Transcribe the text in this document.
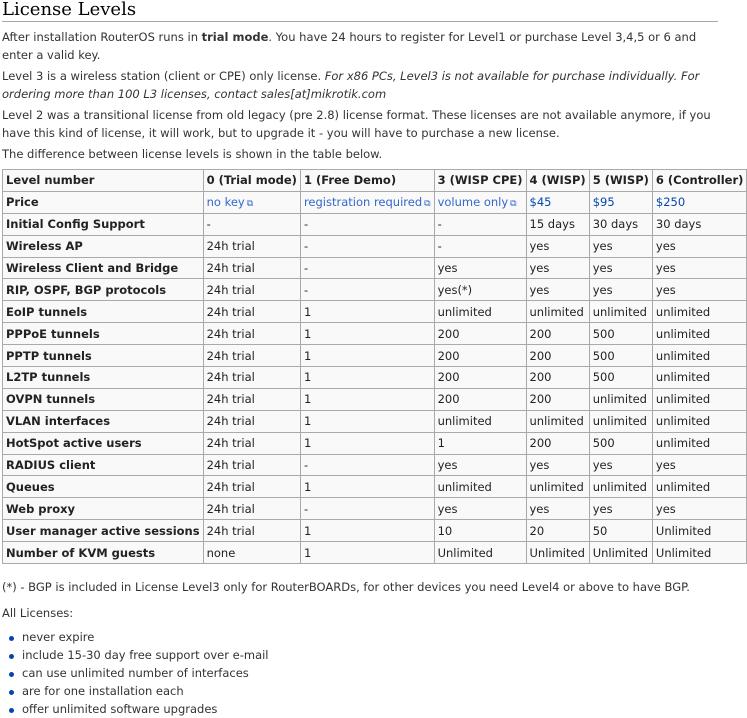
License Levels

After installation RouterOS runs in trial mode. You have 24 hours to register for Level1 or purchase Level 3,4,5 or 6 and enter a valid key.

Level 3 is a wireless station (client or CPE) only license. For x86 PCs, Level3 is not available for purchase individually. For ordering more than 100 L3 licenses, contact sales[at]mikrotik.com

Level 2 was a transitional license from old legacy (pre 2.8) license format. These licenses are not available anymore, if you have this kind of license, it will work, but to upgrade it - you will have to purchase a new license.

The difference between license levels is shown in the table below.

Level number	0 (Trial mode)	1 (Free Demo)	3 (WISP CPE)	4 (WISP)	5 (WISP)	6 (Controller)
Price	no key ⧉	registration required ⧉	volume only ⧉	$45	$95	$250
Initial Config Support	-	-	-	15 days	30 days	30 days
Wireless AP	24h trial	-	-	yes	yes	yes
Wireless Client and Bridge	24h trial	-	yes	yes	yes	yes
RIP, OSPF, BGP protocols	24h trial	-	yes(*)	yes	yes	yes
EoIP tunnels	24h trial	1	unlimited	unlimited	unlimited	unlimited
PPPoE tunnels	24h trial	1	200	200	500	unlimited
PPTP tunnels	24h trial	1	200	200	500	unlimited
L2TP tunnels	24h trial	1	200	200	500	unlimited
OVPN tunnels	24h trial	1	200	200	unlimited	unlimited
VLAN interfaces	24h trial	1	unlimited	unlimited	unlimited	unlimited
HotSpot active users	24h trial	1	1	200	500	unlimited
RADIUS client	24h trial	-	yes	yes	yes	yes
Queues	24h trial	1	unlimited	unlimited	unlimited	unlimited
Web proxy	24h trial	-	yes	yes	yes	yes
User manager active sessions	24h trial	1	10	20	50	Unlimited
Number of KVM guests	none	1	Unlimited	Unlimited	Unlimited	Unlimited

(*) - BGP is included in License Level3 only for RouterBOARDs, for other devices you need Level4 or above to have BGP.

All Licenses:

never expire
include 15-30 day free support over e-mail
can use unlimited number of interfaces
are for one installation each
offer unlimited software upgrades
